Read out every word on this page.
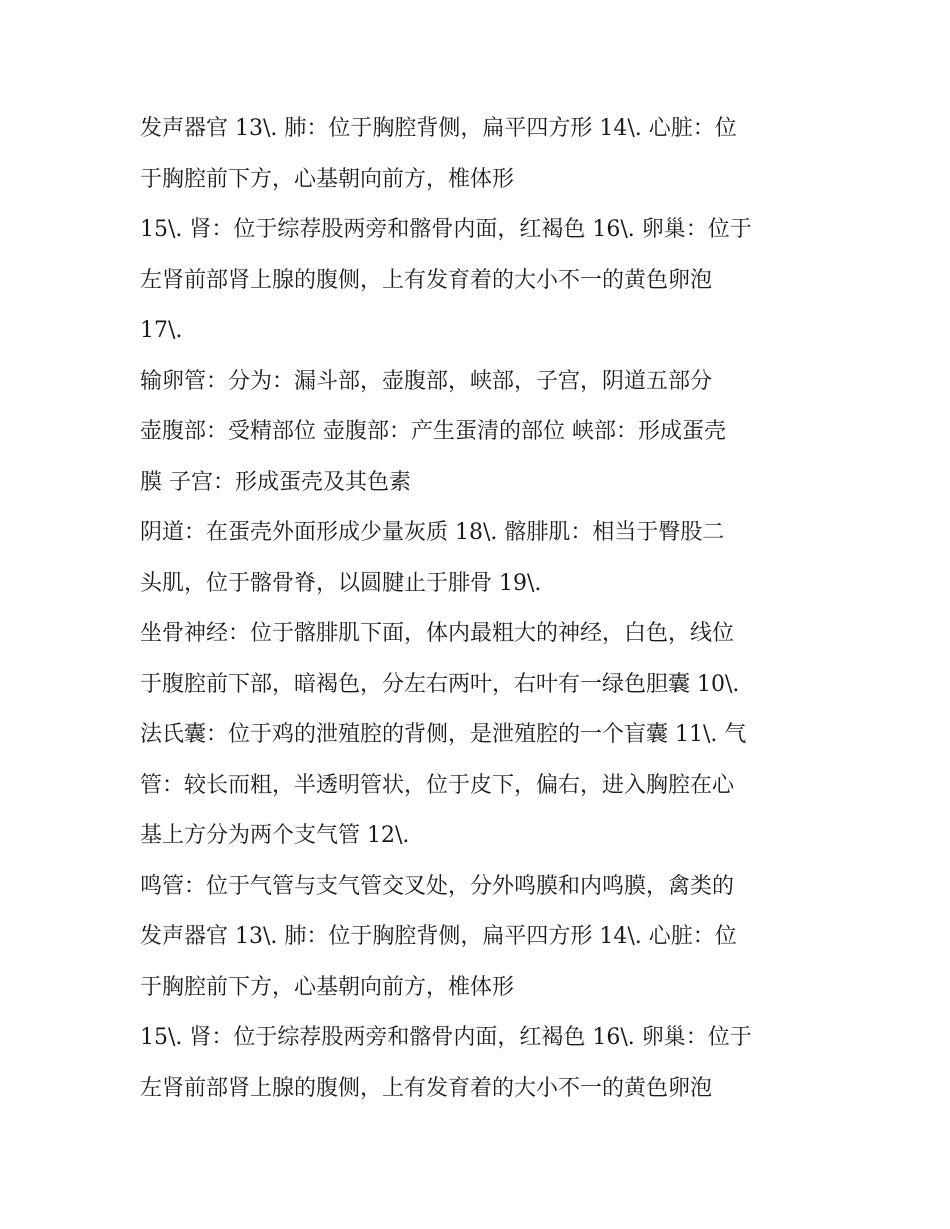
发声器官 13\. 肺：位于胸腔背侧，扁平四方形 14\. 心脏：位
于胸腔前下方，心基朝向前方，椎体形
15\. 肾：位于综荐股两旁和髂骨内面，红褐色 16\. 卵巢：位于
左肾前部肾上腺的腹侧，上有发育着的大小不一的黄色卵泡
17\.
输卵管：分为：漏斗部，壶腹部，峡部，子宫，阴道五部分
壶腹部：受精部位 壶腹部：产生蛋清的部位 峡部：形成蛋壳
膜 子宫：形成蛋壳及其色素
阴道：在蛋壳外面形成少量灰质 18\. 髂腓肌：相当于臀股二
头肌，位于髂骨脊，以圆腱止于腓骨 19\.
坐骨神经：位于髂腓肌下面，体内最粗大的神经，白色，线位
于腹腔前下部，暗褐色，分左右两叶，右叶有一绿色胆囊 10\.
法氏囊：位于鸡的泄殖腔的背侧，是泄殖腔的一个盲囊 11\. 气
管：较长而粗，半透明管状，位于皮下，偏右，进入胸腔在心
基上方分为两个支气管 12\.
鸣管：位于气管与支气管交叉处，分外鸣膜和内鸣膜，禽类的
发声器官 13\. 肺：位于胸腔背侧，扁平四方形 14\. 心脏：位
于胸腔前下方，心基朝向前方，椎体形
15\. 肾：位于综荐股两旁和髂骨内面，红褐色 16\. 卵巢：位于
左肾前部肾上腺的腹侧，上有发育着的大小不一的黄色卵泡
